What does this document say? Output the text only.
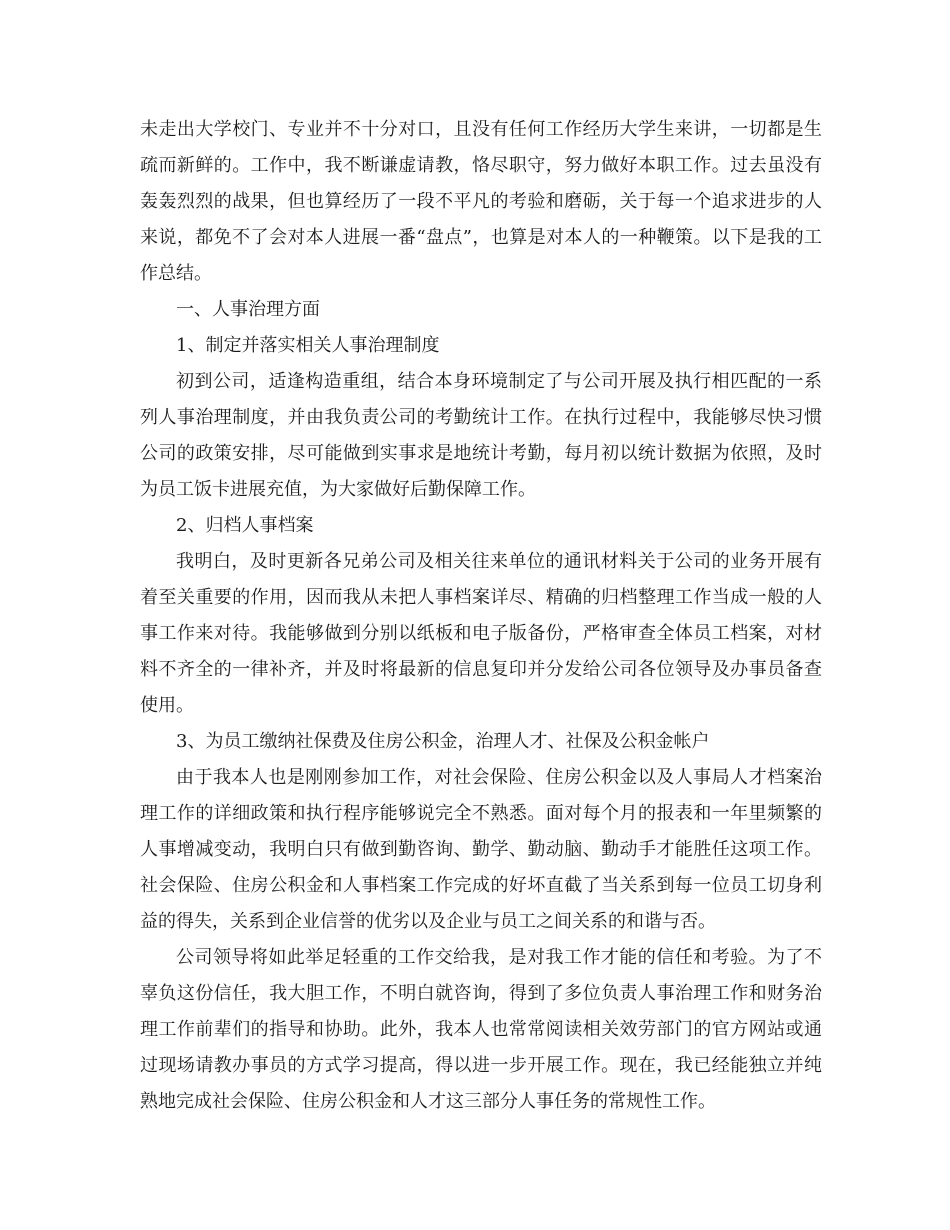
未走出大学校门、专业并不十分对口，且没有任何工作经历大学生来讲，一切都是生疏而新鲜的。工作中，我不断谦虚请教，恪尽职守，努力做好本职工作。过去虽没有轰轰烈烈的战果，但也算经历了一段不平凡的考验和磨砺，关于每一个追求进步的人来说，都免不了会对本人进展一番“盘点”，也算是对本人的一种鞭策。以下是我的工作总结。

一、人事治理方面

1、制定并落实相关人事治理制度

初到公司，适逢构造重组，结合本身环境制定了与公司开展及执行相匹配的一系列人事治理制度，并由我负责公司的考勤统计工作。在执行过程中，我能够尽快习惯公司的政策安排，尽可能做到实事求是地统计考勤，每月初以统计数据为依照，及时为员工饭卡进展充值，为大家做好后勤保障工作。

2、归档人事档案

我明白，及时更新各兄弟公司及相关往来单位的通讯材料关于公司的业务开展有着至关重要的作用，因而我从未把人事档案详尽、精确的归档整理工作当成一般的人事工作来对待。我能够做到分别以纸板和电子版备份，严格审查全体员工档案，对材料不齐全的一律补齐，并及时将最新的信息复印并分发给公司各位领导及办事员备查使用。

3、为员工缴纳社保费及住房公积金，治理人才、社保及公积金帐户

由于我本人也是刚刚参加工作，对社会保险、住房公积金以及人事局人才档案治理工作的详细政策和执行程序能够说完全不熟悉。面对每个月的报表和一年里频繁的人事增减变动，我明白只有做到勤咨询、勤学、勤动脑、勤动手才能胜任这项工作。社会保险、住房公积金和人事档案工作完成的好坏直截了当关系到每一位员工切身利益的得失，关系到企业信誉的优劣以及企业与员工之间关系的和谐与否。

公司领导将如此举足轻重的工作交给我，是对我工作才能的信任和考验。为了不辜负这份信任，我大胆工作，不明白就咨询，得到了多位负责人事治理工作和财务治理工作前辈们的指导和协助。此外，我本人也常常阅读相关效劳部门的官方网站或通过现场请教办事员的方式学习提高，得以进一步开展工作。现在，我已经能独立并纯熟地完成社会保险、住房公积金和人才这三部分人事任务的常规性工作。
